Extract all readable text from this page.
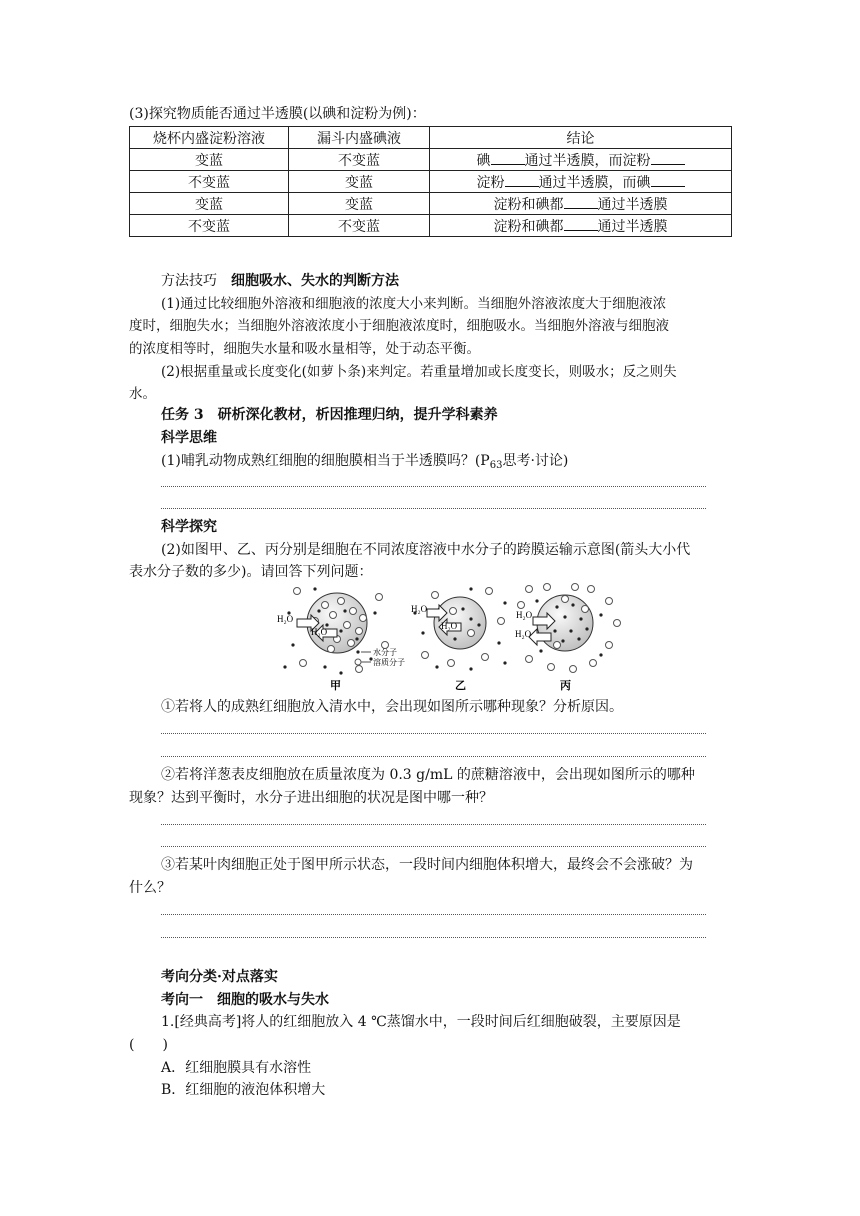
(3)探究物质能否通过半透膜(以碘和淀粉为例)：
烧杯内盛淀粉溶液	漏斗内盛碘液	结论
变蓝	不变蓝	碘 通过半透膜，而淀粉
不变蓝	变蓝	淀粉 通过半透膜，而碘
变蓝	变蓝	淀粉和碘都 通过半透膜
不变蓝	不变蓝	淀粉和碘都 通过半透膜
方法技巧　 细胞吸水、失水的判断方法
(1)通过比较细胞外溶液和细胞液的浓度大小来判断。当细胞外溶液浓度大于细胞液浓
度时，细胞失水；当细胞外溶液浓度小于细胞液浓度时，细胞吸水。当细胞外溶液与细胞液
的浓度相等时，细胞失水量和吸水量相等，处于动态平衡。
(2)根据重量或长度变化(如萝卜条)来判定。若重量增加或长度变长，则吸水；反之则失
水。
任务 3　研析深化教材，析因推理归纳，提升学科素养
科学思维
(1)哺乳动物成熟红细胞的细胞膜相当于半透膜吗？($P_{63}$思考·讨论)
科学探究
(2)如图甲、乙、丙分别是细胞在不同浓度溶液中水分子的跨膜运输示意图(箭头大小代
表水分子数的多少)。请回答下列问题：
H₂O
H₂O
水分子
溶质分子
甲
H₂O
H₂O
乙
H₂O
H₂O
丙
①若将人的成熟红细胞放入清水中，会出现如图所示哪种现象？分析原因。
②若将洋葱表皮细胞放在质量浓度为 0.3 g/mL 的蔗糖溶液中，会出现如图所示的哪种
现象？达到平衡时，水分子进出细胞的状况是图中哪一种？
③若某叶肉细胞正处于图甲所示状态，一段时间内细胞体积增大，最终会不会涨破？为
什么？
考向分类·对点落实
考向一　细胞的吸水与失水
1.[经典高考]将人的红细胞放入 4 ℃蒸馏水中，一段时间后红细胞破裂，主要原因是
(　　)
A．红细胞膜具有水溶性
B．红细胞的液泡体积增大
